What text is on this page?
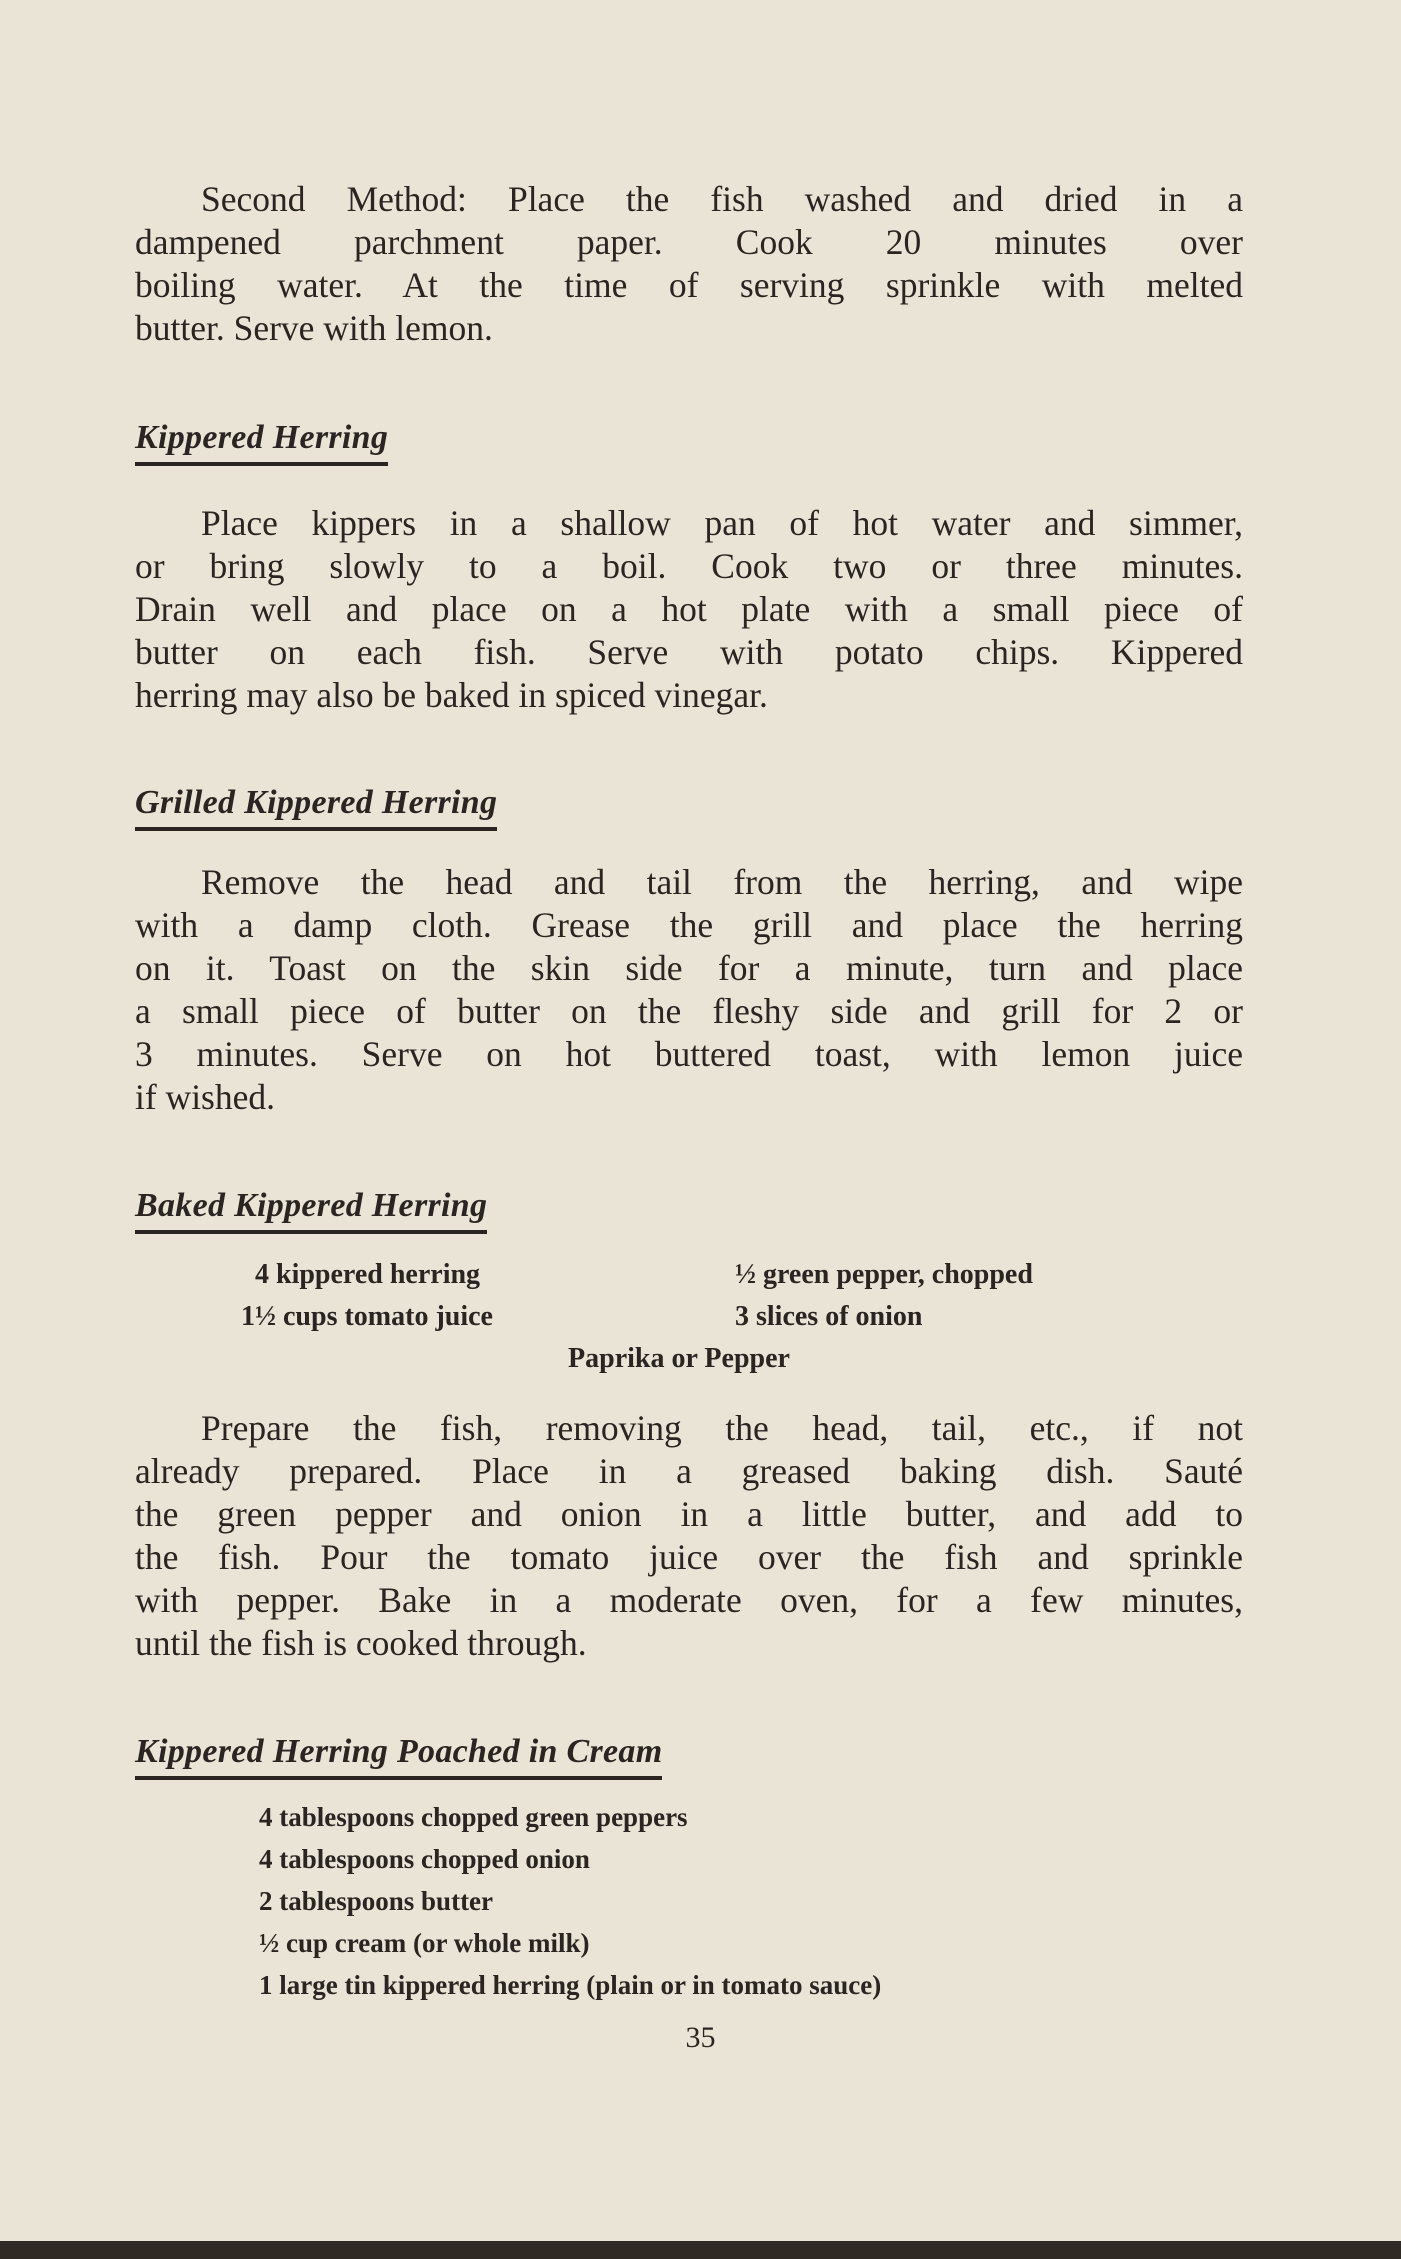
Second Method: Place the fish washed and dried in a
dampened parchment paper. Cook 20 minutes over
boiling water. At the time of serving sprinkle with melted
butter. Serve with lemon.

Kippered Herring

Place kippers in a shallow pan of hot water and simmer,
or bring slowly to a boil. Cook two or three minutes.
Drain well and place on a hot plate with a small piece of
butter on each fish. Serve with potato chips. Kippered
herring may also be baked in spiced vinegar.

Grilled Kippered Herring

Remove the head and tail from the herring, and wipe
with a damp cloth. Grease the grill and place the herring
on it. Toast on the skin side for a minute, turn and place
a small piece of butter on the fleshy side and grill for 2 or
3 minutes. Serve on hot buttered toast, with lemon juice
if wished.

Baked Kippered Herring
4 kippered herring	½ green pepper, chopped
1½ cups tomato juice	3 slices of onion
Paprika or Pepper

Prepare the fish, removing the head, tail, etc., if not
already prepared. Place in a greased baking dish. Sauté
the green pepper and onion in a little butter, and add to
the fish. Pour the tomato juice over the fish and sprinkle
with pepper. Bake in a moderate oven, for a few minutes,
until the fish is cooked through.

Kippered Herring Poached in Cream
4 tablespoons chopped green peppers
4 tablespoons chopped onion
2 tablespoons butter
½ cup cream (or whole milk)
1 large tin kippered herring (plain or in tomato sauce)
35
